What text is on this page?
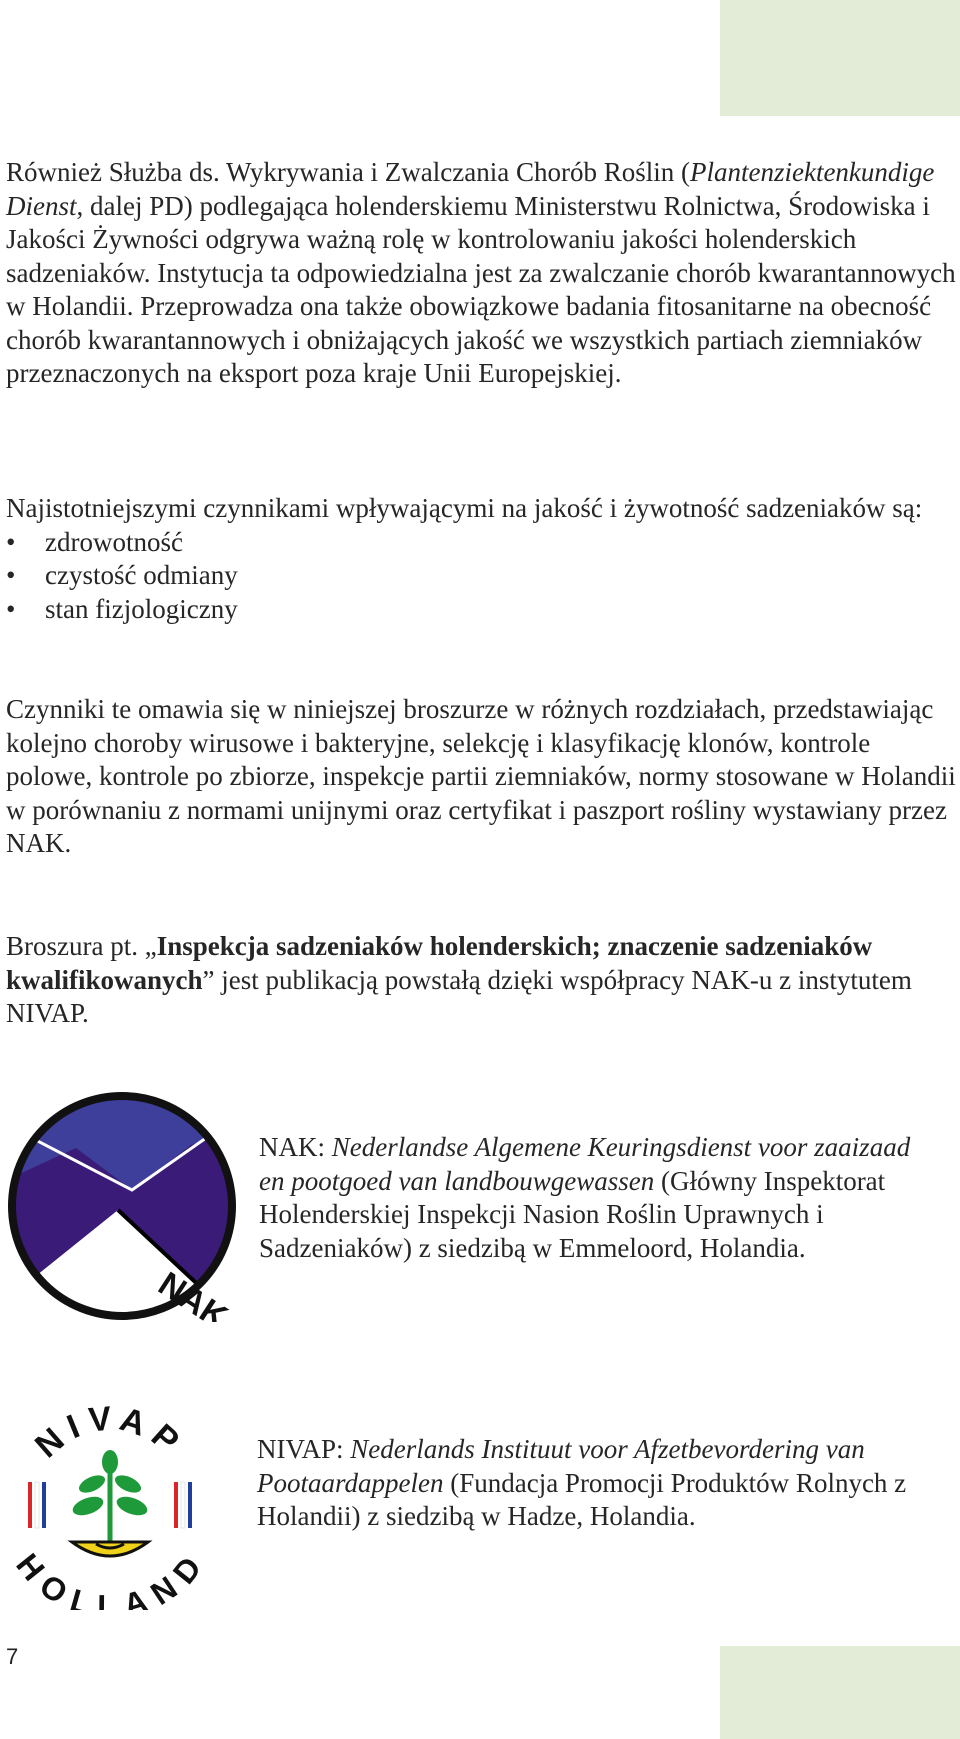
Również Służba ds. Wykrywania i Zwalczania Chorób Roślin (Plantenziektenkundige Dienst, dalej PD) podlegająca holenderskiemu Ministerstwu Rolnictwa, Środowiska i Jakości Żywności odgrywa ważną rolę w kontrolowaniu jakości holenderskich sadzeniaków. Instytucja ta odpowiedzialna jest za zwalczanie chorób kwarantannowych w Holandii. Przeprowadza ona także obowiązkowe badania fitosanitarne na obecność chorób kwarantannowych i obniżających jakość we wszystkich partiach ziemniaków przeznaczonych na eksport poza kraje Unii Europejskiej.

Najistotniejszymi czynnikami wpływającymi na jakość i żywotność sadzeniaków są:

• zdrowotność
• czystość odmiany
• stan fizjologiczny

Czynniki te omawia się w niniejszej broszurze w różnych rozdziałach, przedstawiając kolejno choroby wirusowe i bakteryjne, selekcję i klasyfikację klonów, kontrole polowe, kontrole po zbiorze, inspekcje partii ziemniaków, normy stosowane w Holandii w porównaniu z normami unijnymi oraz certyfikat i paszport rośliny wystawiany przez NAK.

Broszura pt. „Inspekcja sadzeniaków holenderskich; znaczenie sadzeniaków kwalifikowanych” jest publikacją powstałą dzięki współpracy NAK-u z instytutem NIVAP.

NAK
NAK: Nederlandse Algemene Keuringsdienst voor zaaizaad en pootgoed van landbouwgewassen (Główny Inspektorat Holenderskiej Inspekcji Nasion Roślin Uprawnych i Sadzeniaków) z siedzibą w Emmeloord, Holandia.
NIVAP
HOLLAND
NIVAP: Nederlands Instituut voor Afzetbevordering van Pootaardappelen (Fundacja Promocji Produktów Rolnych z Holandii) z siedzibą w Hadze, Holandia.
7
